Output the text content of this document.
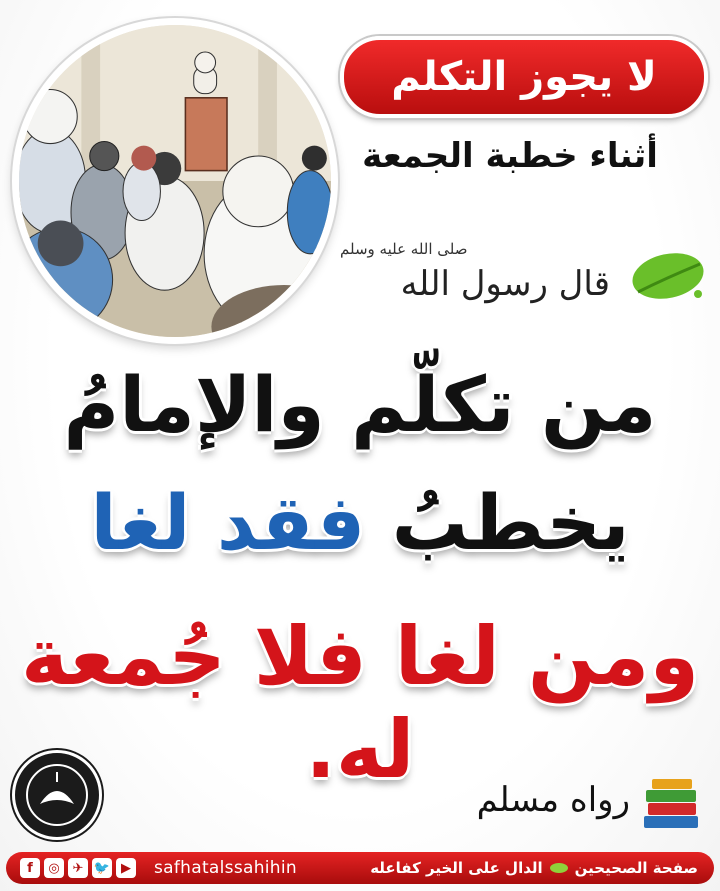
لا يجوز التكلم
أثناء خطبة الجمعة
صلى الله عليه وسلم
قال رسول الله
من تكلّم والإمامُ
يخطبُ فقد لغا
ومن لغا فلا جُمعة له.
رواه مسلم
f	◎ ✈ 🐦 ▶ safhatalssahihin	صفحة الصحيحين
الدال على الخير كفاعله
